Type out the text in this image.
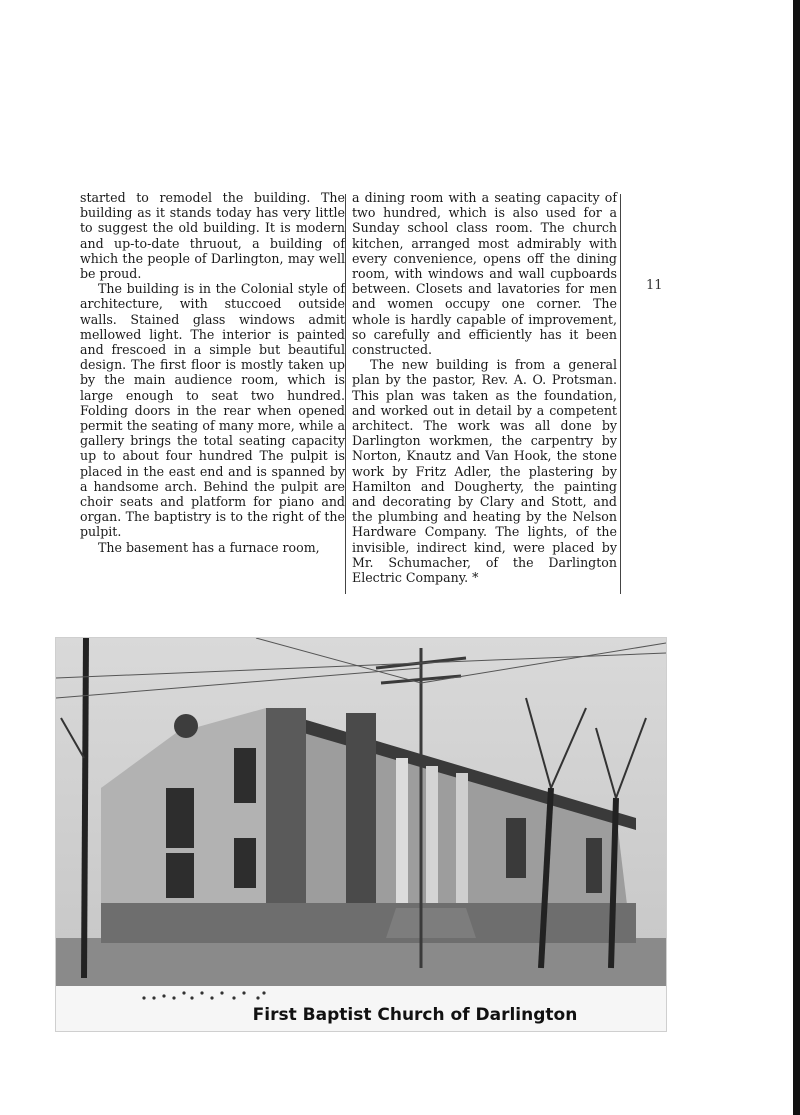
11

started to remodel the building. The building as it stands today has very little to suggest the old building. It is modern and up-to-date thruout, a building of which the people of Darlington, may well be proud.

The building is in the Colonial style of architecture, with stuccoed outside walls. Stained glass windows admit mellowed light. The interior is painted and frescoed in a simple but beautiful design. The first floor is mostly taken up by the main audience room, which is large enough to seat two hundred. Folding doors in the rear when opened permit the seating of many more, while a gallery brings the total seating capacity up to about four hundred The pulpit is placed in the east end and is spanned by a handsome arch. Behind the pulpit are choir seats and platform for piano and organ. The baptistry is to the right of the pulpit.

The basement has a furnace room,

a dining room with a seating capacity of two hundred, which is also used for a Sunday school class room. The church kitchen, arranged most admirably with every convenience, opens off the dining room, with windows and wall cupboards between. Closets and lavatories for men and women occupy one corner. The whole is hardly capable of improvement, so carefully and efficiently has it been constructed.

The new building is from a general plan by the pastor, Rev. A. O. Protsman. This plan was taken as the foundation, and worked out in detail by a competent architect. The work was all done by Darlington workmen, the carpentry by Norton, Knautz and Van Hook, the stone work by Fritz Adler, the plastering by Hamilton and Dougherty, the painting and decorating by Clary and Stott, and the plumbing and heating by the Nelson Hardware Company. The lights, of the invisible, indirect kind, were placed by Mr. Schumacher, of the Darlington Electric Company. *

First Baptist Church of Darlington
